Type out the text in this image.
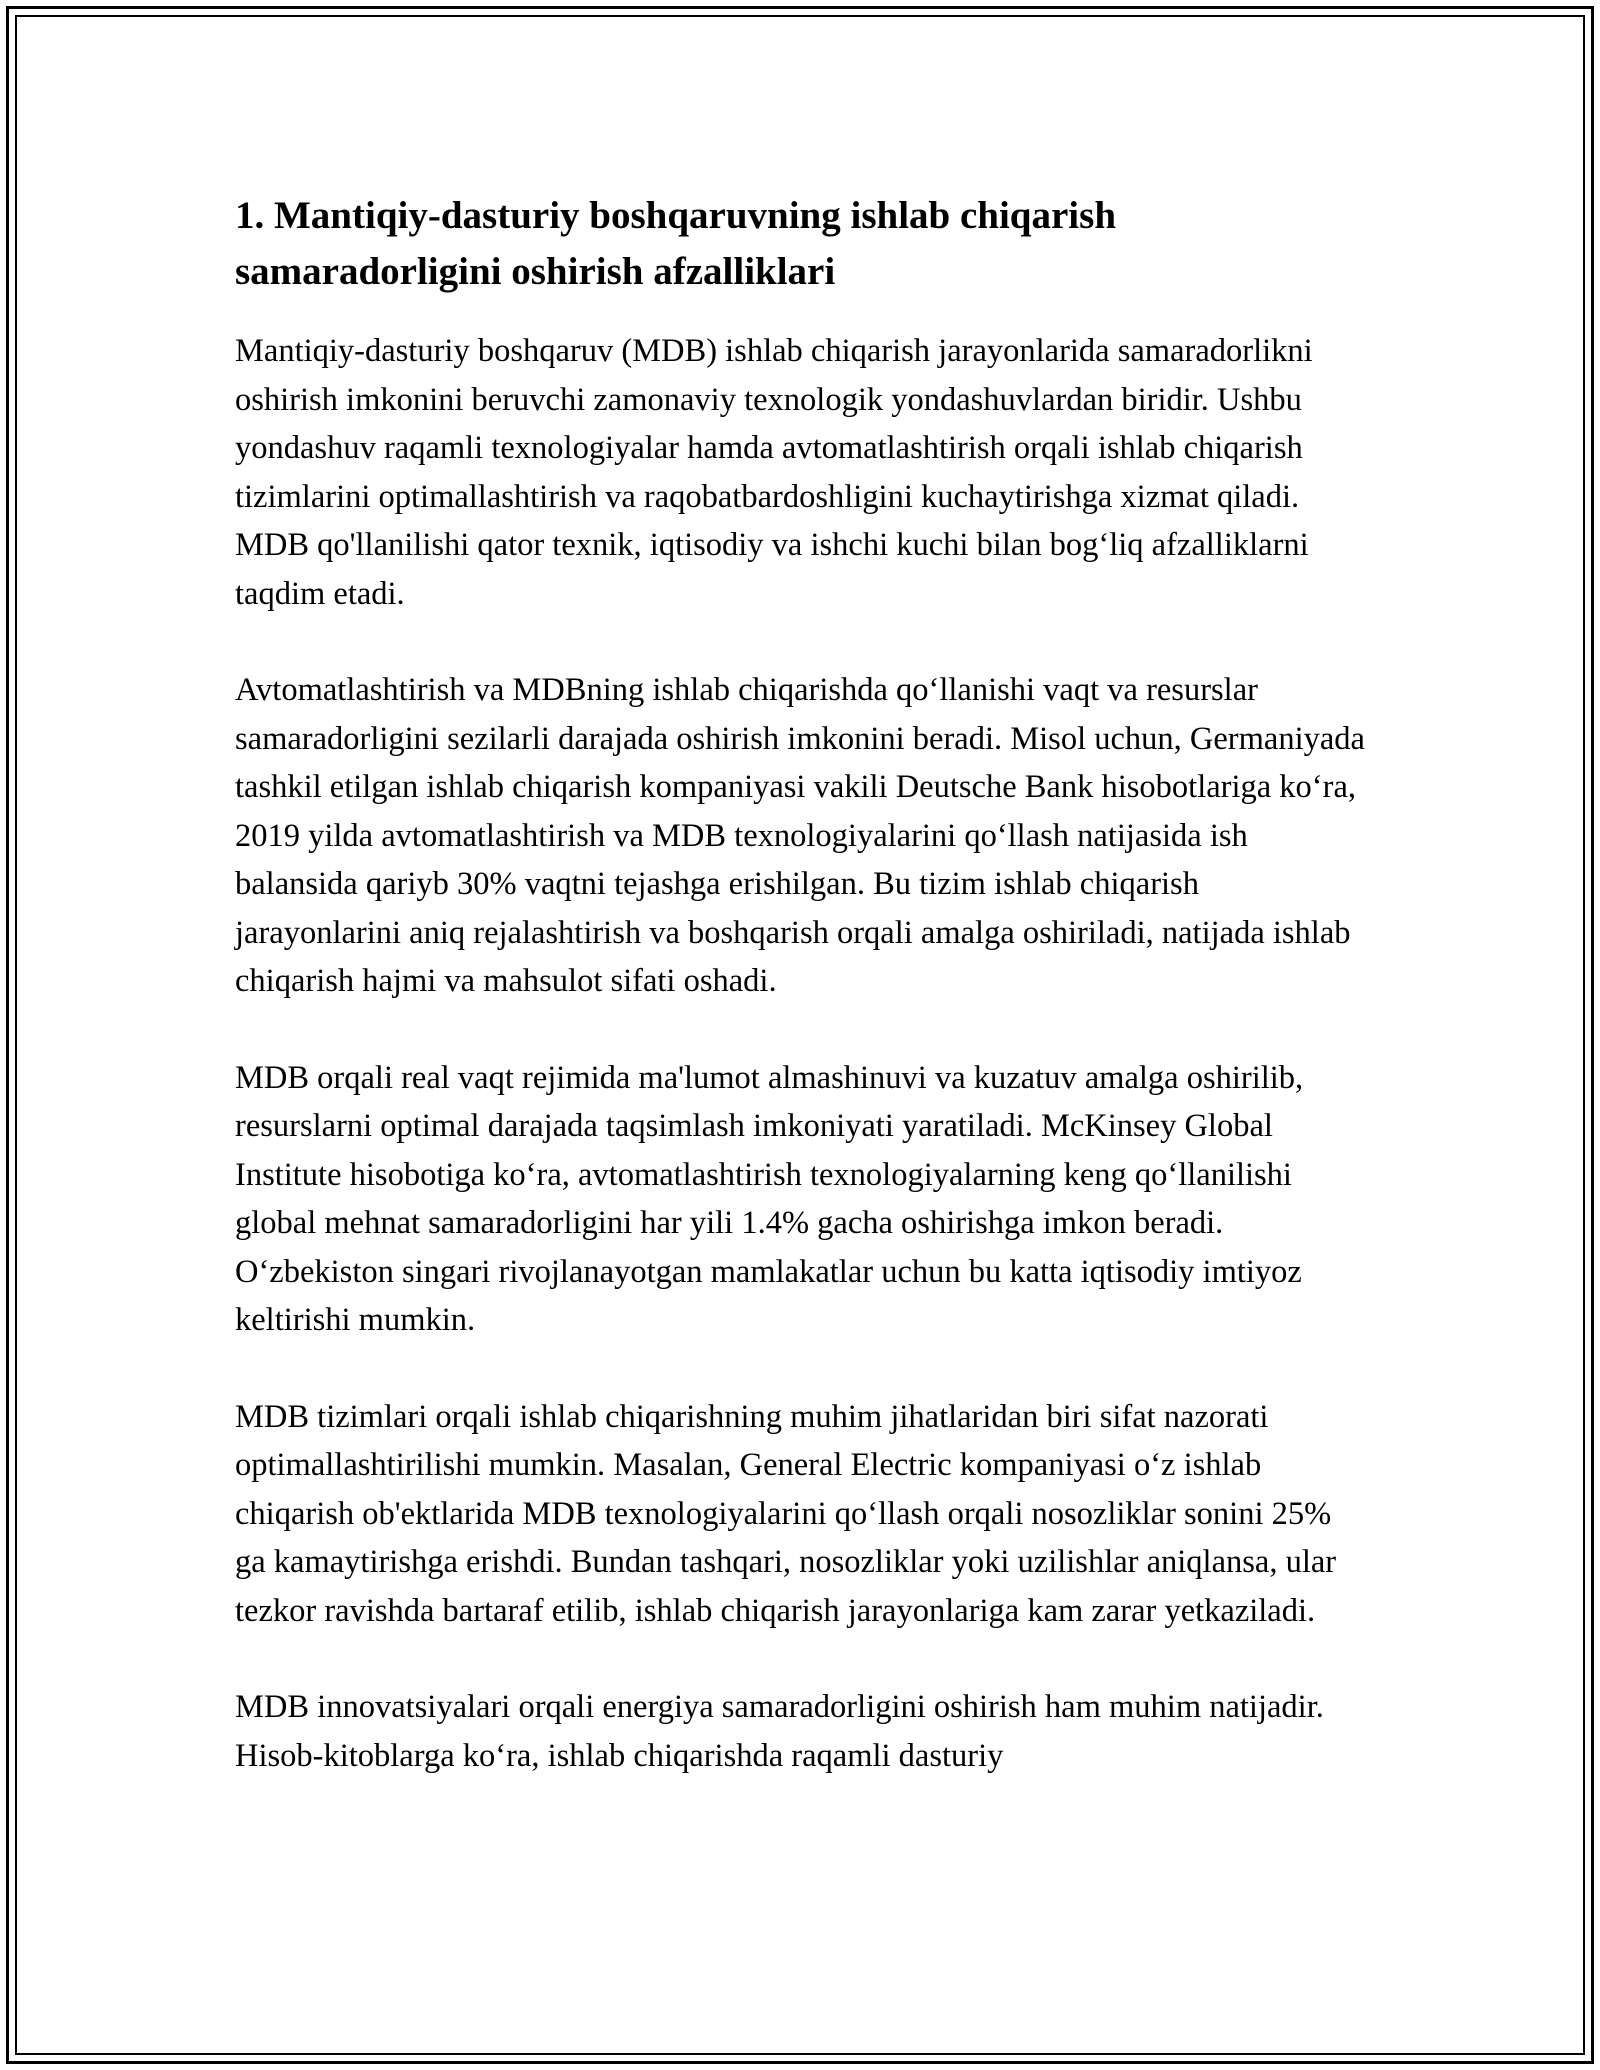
1. Mantiqiy-dasturiy boshqaruvning ishlab chiqarish samaradorligini oshirish afzalliklari

Mantiqiy-dasturiy boshqaruv (MDB) ishlab chiqarish jarayonlarida samaradorlikni oshirish imkonini beruvchi zamonaviy texnologik yondashuvlardan biridir. Ushbu yondashuv raqamli texnologiyalar hamda avtomatlashtirish orqali ishlab chiqarish tizimlarini optimallashtirish va raqobatbardoshligini kuchaytirishga xizmat qiladi. MDB qo'llanilishi qator texnik, iqtisodiy va ishchi kuchi bilan bog‘liq afzalliklarni taqdim etadi.

Avtomatlashtirish va MDBning ishlab chiqarishda qo‘llanishi vaqt va resurslar samaradorligini sezilarli darajada oshirish imkonini beradi. Misol uchun, Germaniyada tashkil etilgan ishlab chiqarish kompaniyasi vakili Deutsche Bank hisobotlariga ko‘ra, 2019 yilda avtomatlashtirish va MDB texnologiyalarini qo‘llash natijasida ish balansida qariyb 30% vaqtni tejashga erishilgan. Bu tizim ishlab chiqarish jarayonlarini aniq rejalashtirish va boshqarish orqali amalga oshiriladi, natijada ishlab chiqarish hajmi va mahsulot sifati oshadi.

MDB orqali real vaqt rejimida ma'lumot almashinuvi va kuzatuv amalga oshirilib, resurslarni optimal darajada taqsimlash imkoniyati yaratiladi. McKinsey Global Institute hisobotiga ko‘ra, avtomatlashtirish texnologiyalarning keng qo‘llanilishi global mehnat samaradorligini har yili 1.4% gacha oshirishga imkon beradi. O‘zbekiston singari rivojlanayotgan mamlakatlar uchun bu katta iqtisodiy imtiyoz keltirishi mumkin.

MDB tizimlari orqali ishlab chiqarishning muhim jihatlaridan biri sifat nazorati optimallashtirilishi mumkin. Masalan, General Electric kompaniyasi o‘z ishlab chiqarish ob'ektlarida MDB texnologiyalarini qo‘llash orqali nosozliklar sonini 25% ga kamaytirishga erishdi. Bundan tashqari, nosozliklar yoki uzilishlar aniqlansa, ular tezkor ravishda bartaraf etilib, ishlab chiqarish jarayonlariga kam zarar yetkaziladi.

MDB innovatsiyalari orqali energiya samaradorligini oshirish ham muhim natijadir. Hisob-kitoblarga ko‘ra, ishlab chiqarishda raqamli dasturiy
